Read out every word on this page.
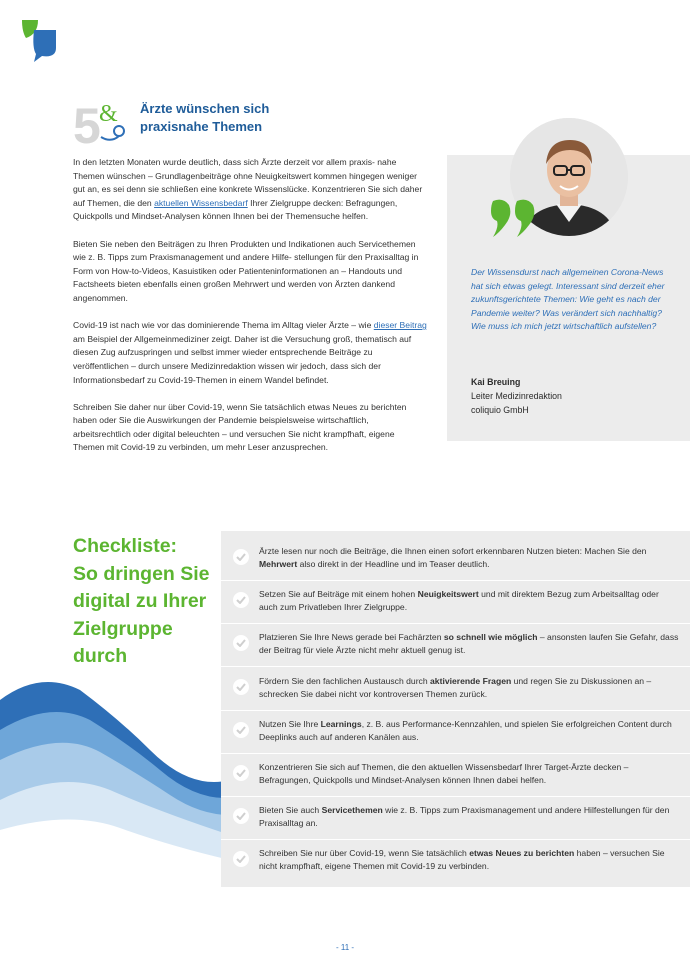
5
& Ärzte wünschen sich
praxisnahe Themen

In den letzten Monaten wurde deutlich, dass sich Ärzte derzeit vor allem praxis- nahe Themen wünschen – Grundlagenbeiträge ohne Neuigkeitswert kommen hingegen weniger gut an, es sei denn sie schließen eine konkrete Wissenslücke. Konzentrieren Sie sich daher auf Themen, die den aktuellen Wissensbedarf Ihrer Zielgruppe decken: Befragungen, Quickpolls und Mindset-Analysen können Ihnen bei der Themensuche helfen.

Bieten Sie neben den Beiträgen zu Ihren Produkten und Indikationen auch Servicethemen wie z. B. Tipps zum Praxismanagement und andere Hilfe- stellungen für den Praxisalltag in Form von How-to-Videos, Kasuistiken oder Patienteninformationen an – Handouts und Factsheets bieten ebenfalls einen großen Mehrwert und werden von Ärzten dankend angenommen.

Covid-19 ist nach wie vor das dominierende Thema im Alltag vieler Ärzte – wie dieser Beitrag am Beispiel der Allgemeinmediziner zeigt. Daher ist die Versuchung groß, thematisch auf diesen Zug aufzuspringen und selbst immer wieder entsprechende Beiträge zu veröffentlichen – durch unsere Medizinredaktion wissen wir jedoch, dass sich der Informationsbedarf zu Covid-19-Themen in einem Wandel befindet.

Schreiben Sie daher nur über Covid-19, wenn Sie tatsächlich etwas Neues zu berichten haben oder Sie die Auswirkungen der Pandemie beispielsweise wirtschaftlich, arbeitsrechtlich oder digital beleuchten – und versuchen Sie nicht krampfhaft, eigene Themen mit Covid-19 zu verbinden, um mehr Leser anzusprechen.

Der Wissensdurst nach allgemeinen Corona-News hat sich etwas gelegt. Interessant sind derzeit eher zukunftsgerichtete Themen: Wie geht es nach der Pandemie weiter? Was verändert sich nachhaltig? Wie muss ich mich jetzt wirtschaftlich aufstellen?
Kai Breuing
Leiter Medizinredaktion
coliquio GmbH
Checkliste:
So dringen Sie
digital zu Ihrer
Zielgruppe
durch
Ärzte lesen nur noch die Beiträge, die Ihnen einen sofort erkennbaren Nutzen bieten: Machen Sie den Mehrwert also direkt in der Headline und im Teaser deutlich.
Setzen Sie auf Beiträge mit einem hohen Neuigkeitswert und mit direktem Bezug zum Arbeitsalltag oder auch zum Privatleben Ihrer Zielgruppe.
Platzieren Sie Ihre News gerade bei Fachärzten so schnell wie möglich – ansonsten laufen Sie Gefahr, dass der Beitrag für viele Ärzte nicht mehr aktuell genug ist.
Fördern Sie den fachlichen Austausch durch aktivierende Fragen und regen Sie zu Diskussionen an – schrecken Sie dabei nicht vor kontroversen Themen zurück.
Nutzen Sie Ihre Learnings, z. B. aus Performance-Kennzahlen, und spielen Sie erfolgreichen Content durch Deeplinks auch auf anderen Kanälen aus.
Konzentrieren Sie sich auf Themen, die den aktuellen Wissensbedarf Ihrer Target-Ärzte decken – Befragungen, Quickpolls und Mindset-Analysen können Ihnen dabei helfen.
Bieten Sie auch Servicethemen wie z. B. Tipps zum Praxismanagement und andere Hilfestellungen für den Praxisalltag an.
Schreiben Sie nur über Covid-19, wenn Sie tatsächlich etwas Neues zu berichten haben – versuchen Sie nicht krampfhaft, eigene Themen mit Covid-19 zu verbinden.
- 11 -
